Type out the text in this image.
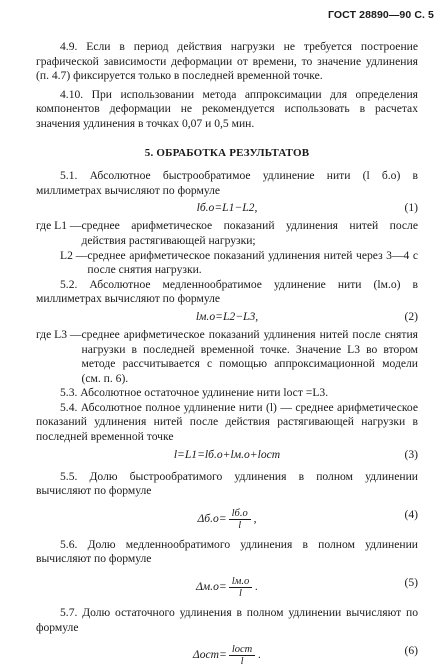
ГОСТ 28890—90 С. 5

4.9. Если в период действия нагрузки не требуется построение графической зависимости деформации от времени, то значение удлинения (п. 4.7) фиксируется только в последней временной точке.

4.10. При использовании метода аппроксимации для определения компонентов деформации не рекомендуется использовать в расчетах значения удлинения в точках 0,07 и 0,5 мин.

5. ОБРАБОТКА РЕЗУЛЬТАТОВ

5.1. Абсолютное быстрообратимое удлинение нити (l б.о) в миллиметрах вычисляют по формуле

lб.о=L1−L2,	(1)
где L1 — среднее арифметическое показаний удлинения нитей после действия растягивающей нагрузки;
L2 — среднее арифметическое показаний удлинения нитей через 3—4 с после снятия нагрузки.

5.2. Абсолютное медленнообратимое удлинение нити (lм.о) в миллиметрах вычисляют по формуле

lм.о=L2−L3,	(2)
где L3 — среднее арифметическое показаний удлинения нитей после снятия нагрузки в последней временной точке. Значение L3 во втором методе рассчитывается с помощью аппроксимационной модели (см. п. 6).

5.3. Абсолютное остаточное удлинение нити lост =L3.

5.4. Абсолютное полное удлинение нити (l) — среднее арифметическое показаний удлинения нитей после действия растягивающей нагрузки в последней временной точке

l=L1=lб.о+lм.о+lост	(3)

5.5. Долю быстрообратимого удлинения в полном удлинении вычисляют по формуле

Δб.о= lб.о
l
,	(4)

5.6. Долю медленнообратимого удлинения в полном удлинении вычисляют по формуле

Δм.о= lм.о
l
.	(5)

5.7. Долю остаточного удлинения в полном удлинении вычисляют по формуле

Δост= lост
l
.	(6)
